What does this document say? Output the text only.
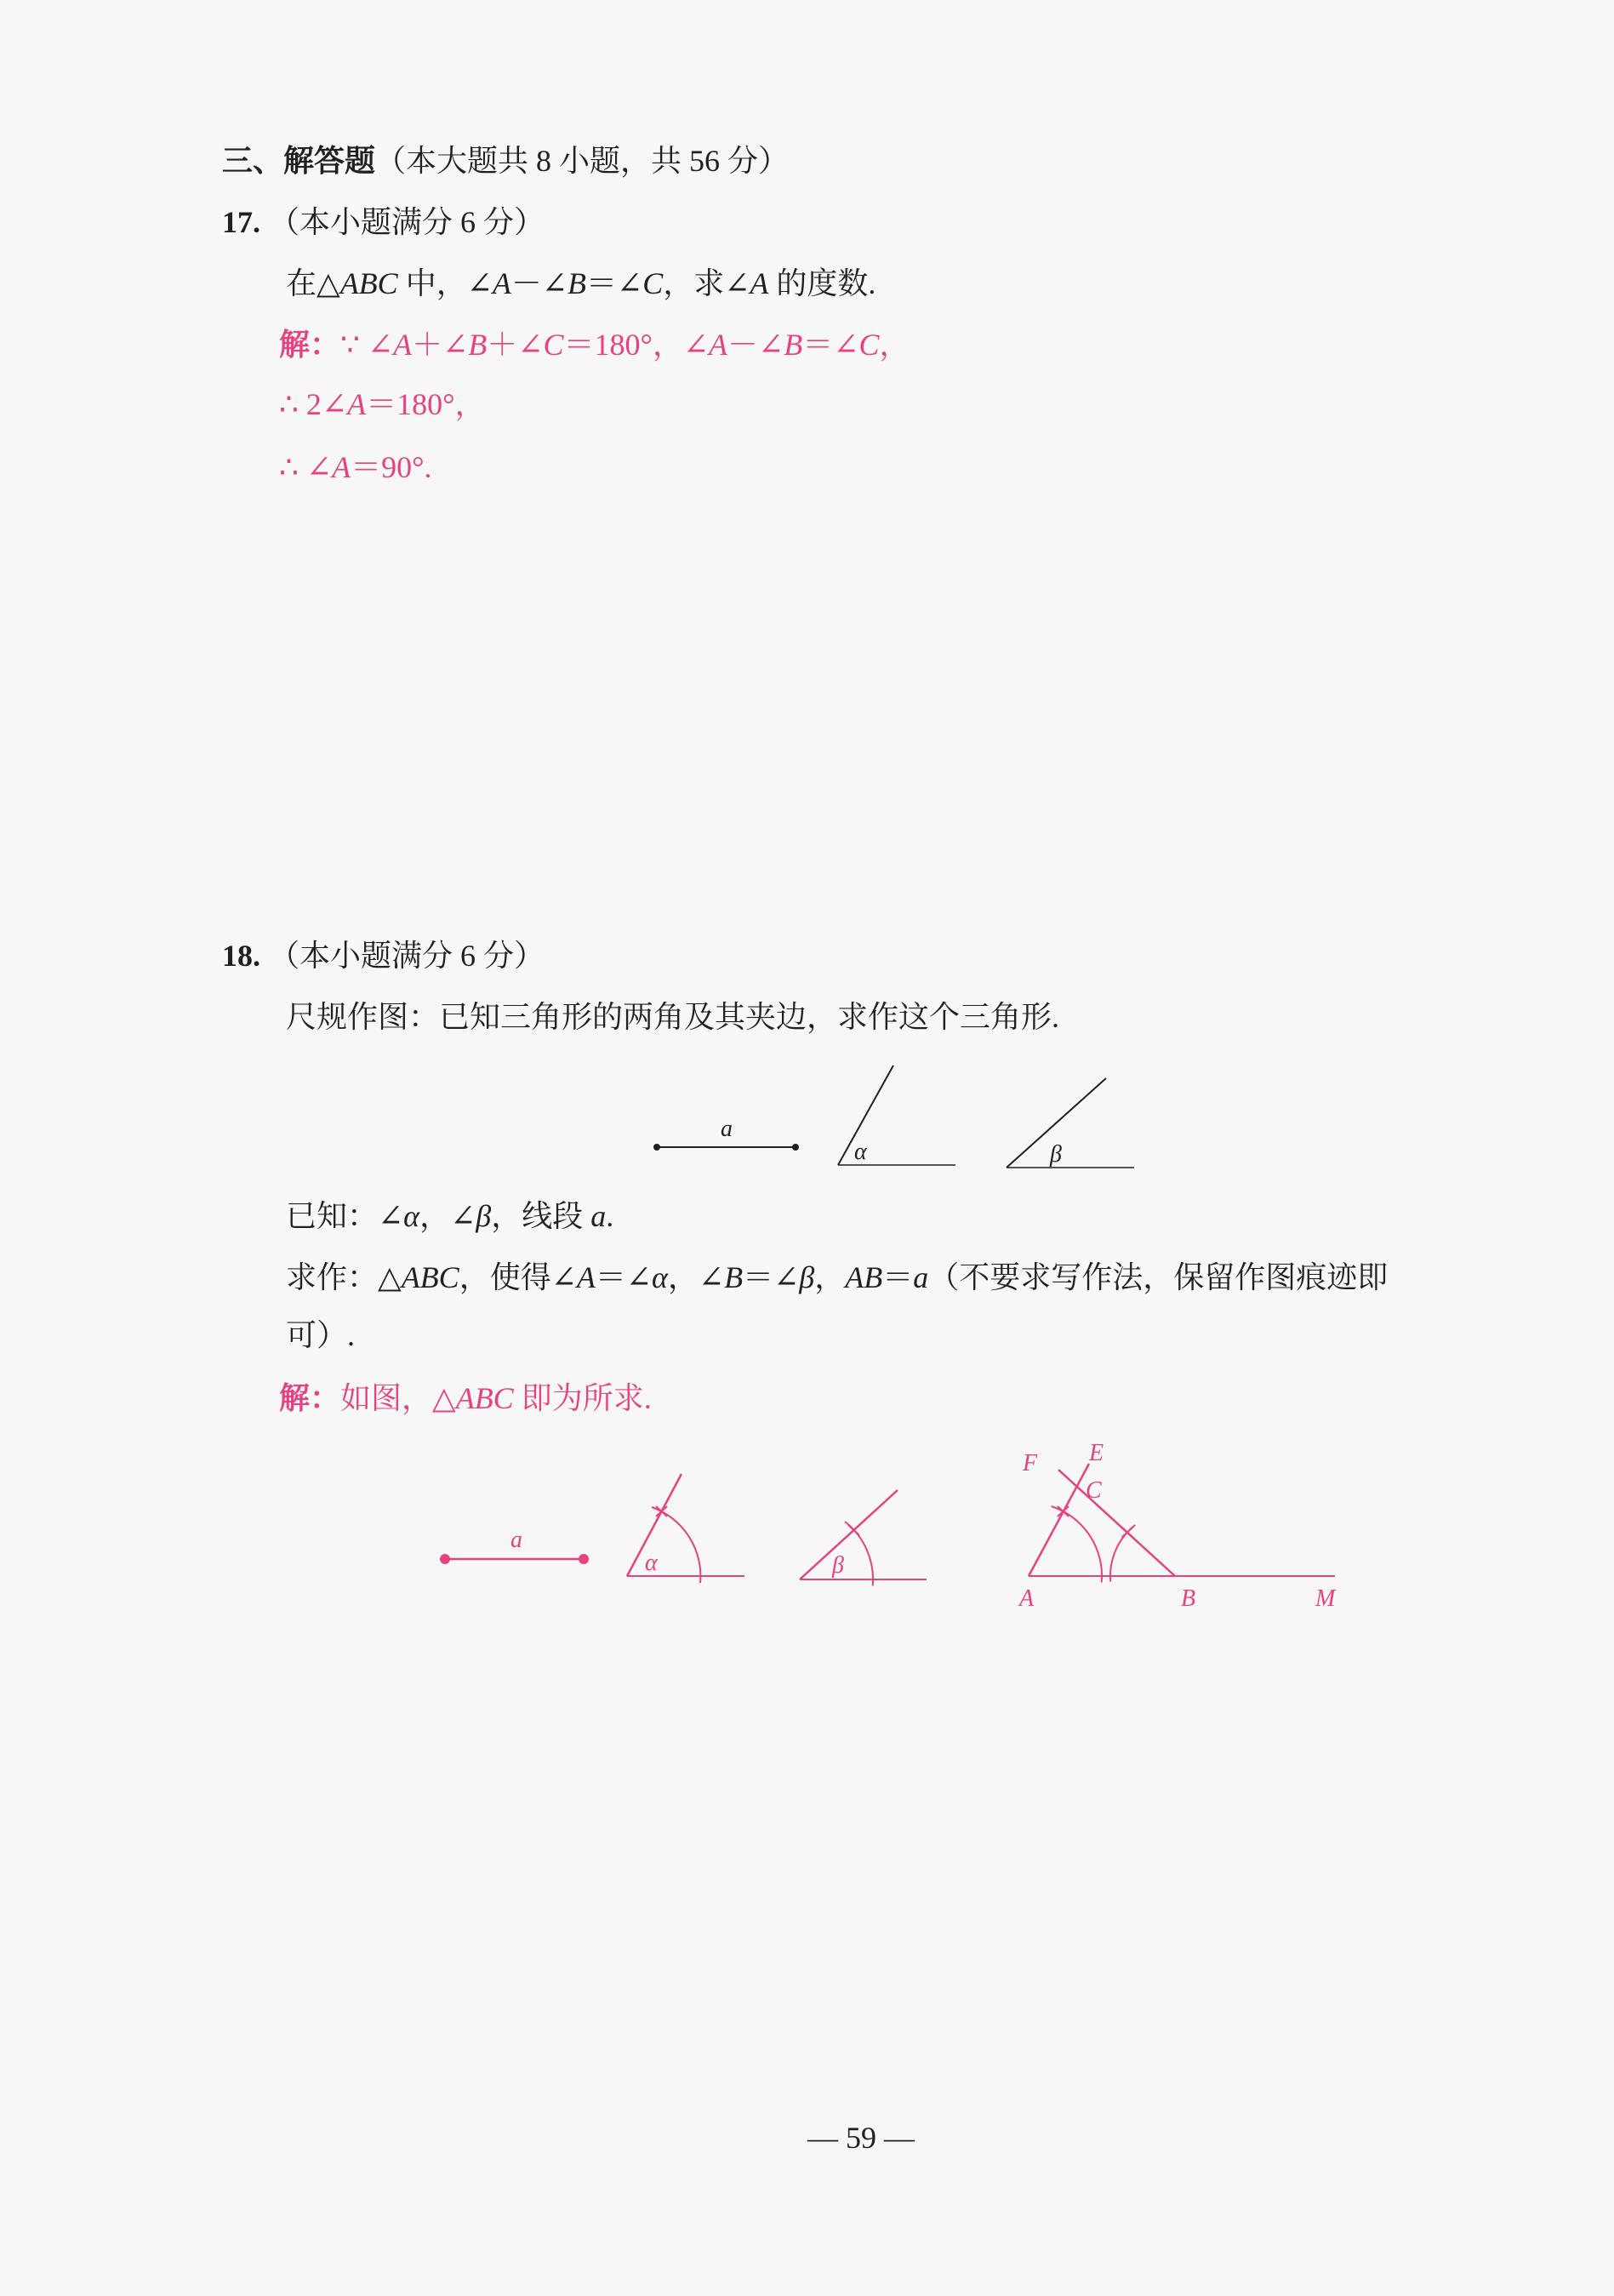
三、解答题（本大题共 8 小题，共 56 分）
17. （本小题满分 6 分）
在△ABC 中，∠A－∠B＝∠C，求∠A 的度数.
解：∵ ∠A＋∠B＋∠C＝180°，∠A－∠B＝∠C，
∴ 2∠A＝180°，
∴ ∠A＝90°.
18. （本小题满分 6 分）
尺规作图：已知三角形的两角及其夹边，求作这个三角形.
a
α	β
已知：∠α，∠β，线段 a.
求作：△ABC，使得∠A＝∠α，∠B＝∠β，AB＝a（不要求写作法，保留作图痕迹即
可）.
解：如图，△ABC 即为所求.
a
α	β
A	B	M
F E
C
— 59 —
